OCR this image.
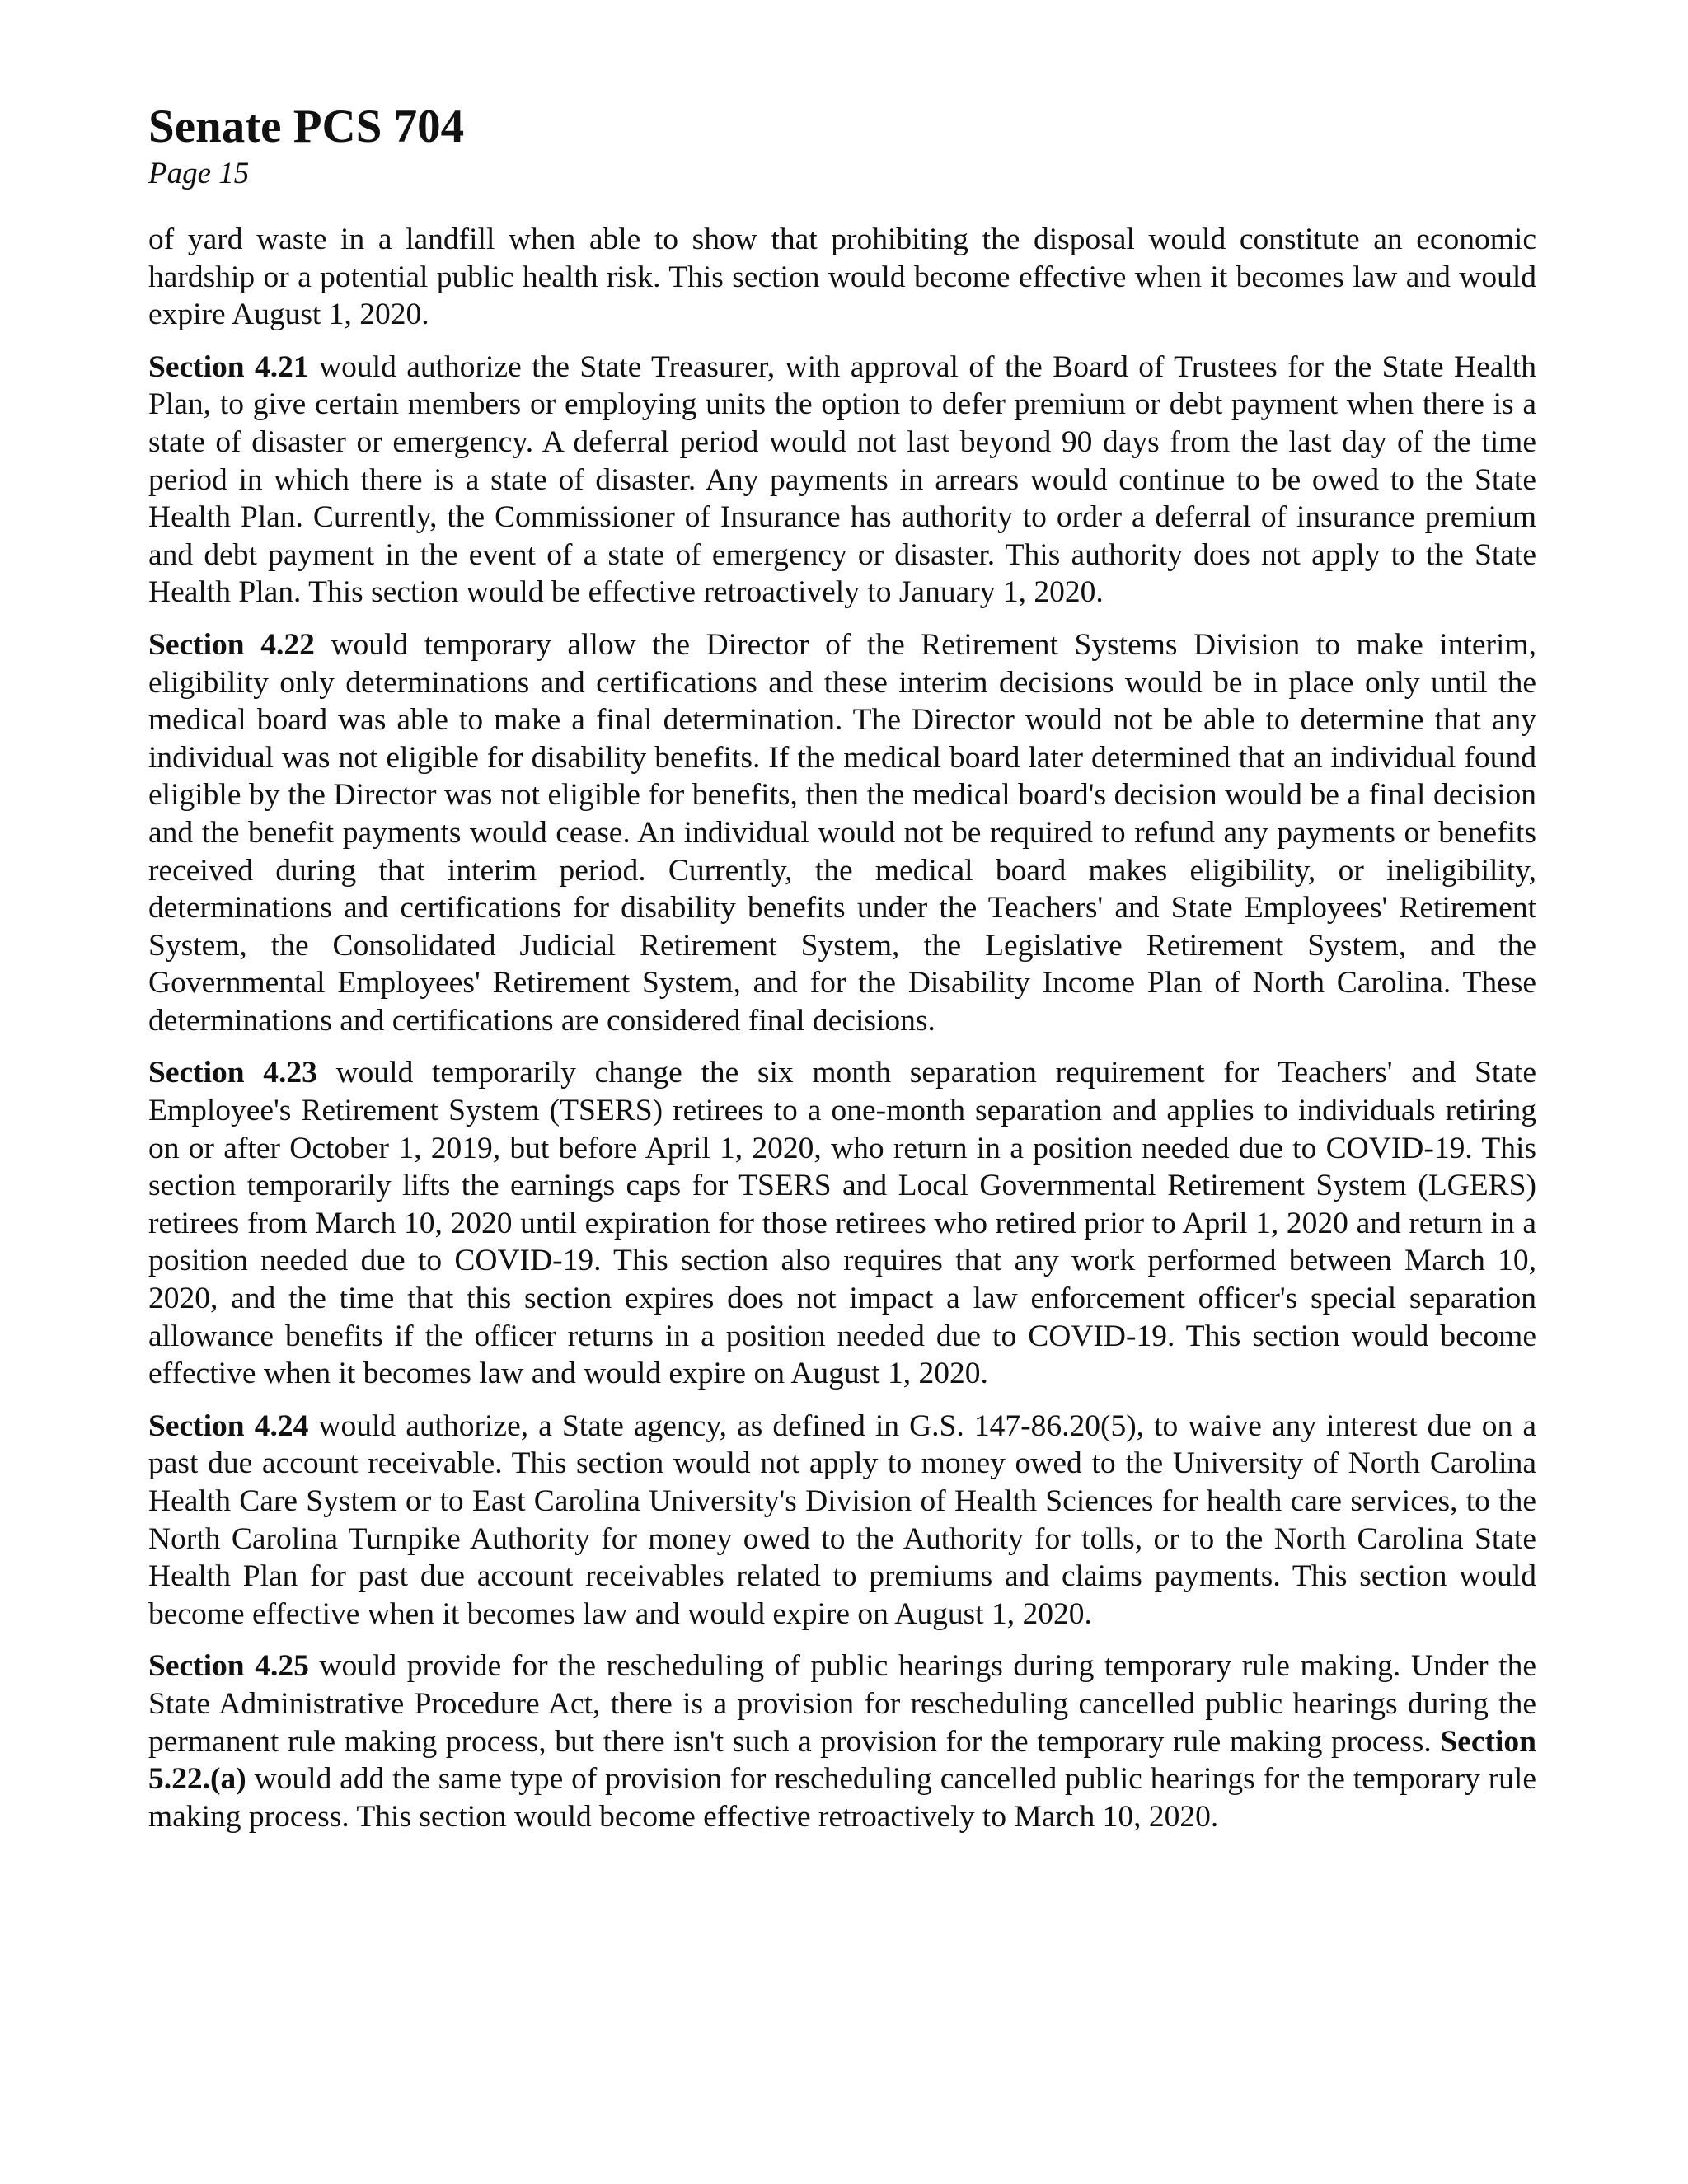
Senate PCS 704
Page 15

of yard waste in a landfill when able to show that prohibiting the disposal would constitute an economic hardship or a potential public health risk. This section would become effective when it becomes law and would expire August 1, 2020.

Section 4.21 would authorize the State Treasurer, with approval of the Board of Trustees for the State Health Plan, to give certain members or employing units the option to defer premium or debt payment when there is a state of disaster or emergency. A deferral period would not last beyond 90 days from the last day of the time period in which there is a state of disaster. Any payments in arrears would continue to be owed to the State Health Plan. Currently, the Commissioner of Insurance has authority to order a deferral of insurance premium and debt payment in the event of a state of emergency or disaster. This authority does not apply to the State Health Plan. This section would be effective retroactively to January 1, 2020.

Section 4.22 would temporary allow the Director of the Retirement Systems Division to make interim, eligibility only determinations and certifications and these interim decisions would be in place only until the medical board was able to make a final determination. The Director would not be able to determine that any individual was not eligible for disability benefits. If the medical board later determined that an individual found eligible by the Director was not eligible for benefits, then the medical board's decision would be a final decision and the benefit payments would cease. An individual would not be required to refund any payments or benefits received during that interim period. Currently, the medical board makes eligibility, or ineligibility, determinations and certifications for disability benefits under the Teachers' and State Employees' Retirement System, the Consolidated Judicial Retirement System, the Legislative Retirement System, and the Governmental Employees' Retirement System, and for the Disability Income Plan of North Carolina. These determinations and certifications are considered final decisions.

Section 4.23 would temporarily change the six month separation requirement for Teachers' and State Employee's Retirement System (TSERS) retirees to a one-month separation and applies to individuals retiring on or after October 1, 2019, but before April 1, 2020, who return in a position needed due to COVID-19. This section temporarily lifts the earnings caps for TSERS and Local Governmental Retirement System (LGERS) retirees from March 10, 2020 until expiration for those retirees who retired prior to April 1, 2020 and return in a position needed due to COVID-19. This section also requires that any work performed between March 10, 2020, and the time that this section expires does not impact a law enforcement officer's special separation allowance benefits if the officer returns in a position needed due to COVID-19. This section would become effective when it becomes law and would expire on August 1, 2020.

Section 4.24 would authorize, a State agency, as defined in G.S. 147-86.20(5), to waive any interest due on a past due account receivable. This section would not apply to money owed to the University of North Carolina Health Care System or to East Carolina University's Division of Health Sciences for health care services, to the North Carolina Turnpike Authority for money owed to the Authority for tolls, or to the North Carolina State Health Plan for past due account receivables related to premiums and claims payments. This section would become effective when it becomes law and would expire on August 1, 2020.

Section 4.25 would provide for the rescheduling of public hearings during temporary rule making. Under the State Administrative Procedure Act, there is a provision for rescheduling cancelled public hearings during the permanent rule making process, but there isn't such a provision for the temporary rule making process. Section 5.22.(a) would add the same type of provision for rescheduling cancelled public hearings for the temporary rule making process. This section would become effective retroactively to March 10, 2020.
